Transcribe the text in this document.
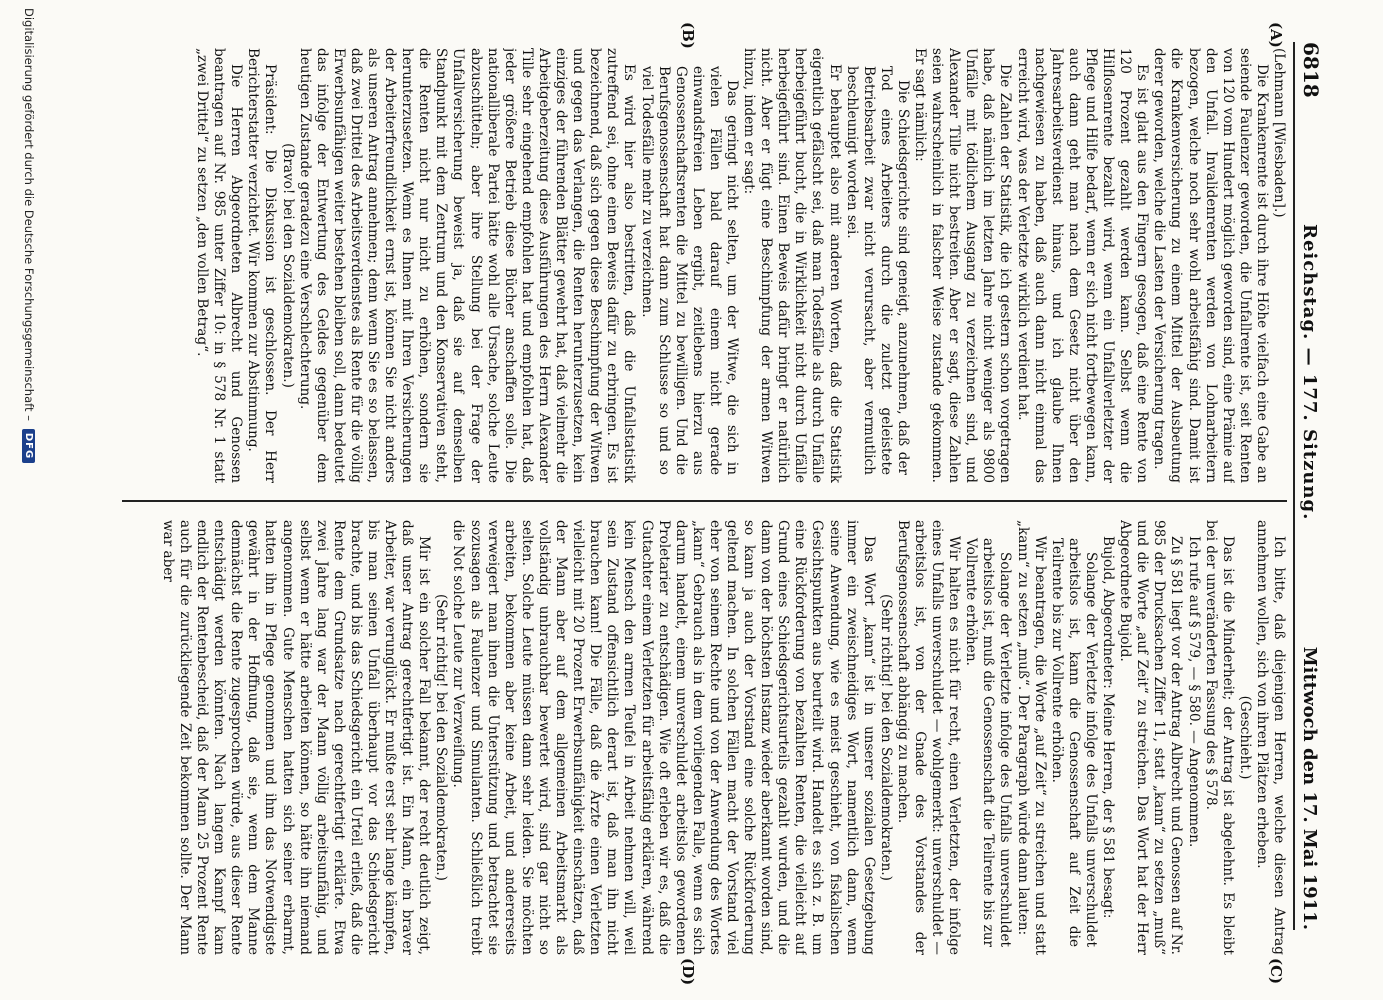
6818
Reichstag. — 177. Sitzung.
Mittwoch den 17. Mai 1911.
(A)
(B)
(C)
(D)

(Lehmann [Wiesbaden].)

Die Krankenrente ist durch ihre Höhe vielfach eine Gabe an seiende Faulenzer geworden, die Unfallrente ist, seit Renten von 120 vom Hundert möglich geworden sind, eine Prämie auf den Unfall. Invalidenrenten werden von Lohnarbeitern bezogen, welche noch sehr wohl arbeitsfähig sind. Damit ist die Krankenversicherung zu einem Mittel der Ausbeutung derer geworden, welche die Lasten der Versicherung tragen.

Es ist glatt aus den Fingern gesogen, daß eine Rente von 120 Prozent gezahlt werden kann. Selbst wenn die Hilflosenrente bezahlt wird, wenn ein Unfallverletzter der Pflege und Hilfe bedarf, wenn er sich nicht fortbewegen kann, auch dann geht man nach dem Gesetz nicht über den Jahresarbeitsverdienst hinaus, und ich glaube Ihnen nachgewiesen zu haben, daß auch dann nicht einmal das erreicht wird, was der Verletzte wirklich verdient hat.

Die Zahlen der Statistik, die ich gestern schon vorgetragen habe, daß nämlich im letzten Jahre nicht weniger als 9800 Unfälle mit tödlichem Ausgang zu verzeichnen sind, und Alexander Tille nicht bestreiten. Aber er sagt, diese Zahlen seien wahrscheinlich in falscher Weise zustande gekommen. Er sagt nämlich:

Die Schiedsgerichte sind geneigt, anzunehmen, daß der Tod eines Arbeiters durch die zuletzt geleistete Betriebsarbeit zwar nicht verursacht, aber vermutlich beschleunigt worden sei.

Er behauptet also mit anderen Worten, daß die Statistik eigentlich gefälscht sei, daß man Todesfälle als durch Unfälle herbeigeführt bucht, die in Wirklichkeit nicht durch Unfälle herbeigeführt sind. Einen Beweis dafür bringt er natürlich nicht. Aber er fügt eine Beschimpfung der armen Witwen hinzu, indem er sagt:

Das geringt nicht selten, um der Witwe, die sich in vielen Fällen bald darauf einem nicht gerade einwandsfreien Leben ergibt, zeitlebens hierzu aus Genossenschaftsrenten die Mittel zu bewilligen. Und die Berufsgenossenschaft hat dann zum Schlusse so und so viel Todesfälle mehr zu verzeichnen.

Es wird hier also bestritten, daß die Unfallstatistik zutreffend sei, ohne einen Beweis dafür zu erbringen. Es ist bezeichnend, daß sich gegen diese Beschimpfung der Witwen und gegen das Verlangen, die Renten herunterzusetzen, kein einziges der führenden Blätter gewehrt hat, daß vielmehr die Arbeitgeberzeitung diese Ausführungen des Herrn Alexander Tille sehr eingehend empfohlen hat und empfohlen hat, daß jeder größere Betrieb diese Bücher anschaffen solle. Die nationalliberale Partei hätte wohl alle Ursache, solche Leute abzuschütteln; aber ihre Stellung bei der Frage der Unfallversicherung beweist ja, daß sie auf demselben Standpunkt mit dem Zentrum und den Konservativen steht, die Renten nicht nur nicht zu erhöhen, sondern sie herunterzusetzen. Wenn es Ihnen mit Ihren Versicherungen der Arbeiterfreundlichkeit ernst ist, können Sie nicht anders als unseren Antrag annehmen; denn wenn Sie es so belassen, daß zwei Drittel des Arbeitsverdienstes als Rente für die völlig Erwerbsunfähigen weiter bestehen bleiben soll, dann bedeutet das infolge der Entwertung des Geldes gegenüber dem heutigen Zustande geradezu eine Verschlechterung.

(Bravo! bei den Sozialdemokraten.)

Präsident: Die Diskussion ist geschlossen. Der Herr Berichterstatter verzichtet. Wir kommen zur Abstimmung.

Die Herren Abgeordneten Albrecht und Genossen beantragen auf Nr. 985 unter Ziffer 10: in § 578 Nr. 1 statt „zwei Drittel“ zu setzen „den vollen Betrag“.

Ich bitte, daß diejenigen Herren, welche diesen Antrag annehmen wollen, sich von ihren Plätzen erheben.

(Geschieht.)

Das ist die Minderheit; der Antrag ist abgelehnt. Es bleibt bei der unveränderten Fassung des § 578.

Ich rufe auf § 579, — § 580. — Angenommen.

Zu § 581 liegt vor der Antrag Albrecht und Genossen auf Nr. 985 der Drucksachen Ziffer 11, statt „kann“ zu setzen „muß“ und die Worte „auf Zeit“ zu streichen. Das Wort hat der Herr Abgeordnete Bujold.

Bujold, Abgeordneter: Meine Herren, der § 581 besagt:

Solange der Verletzte infolge des Unfalls unverschuldet arbeitslos ist, kann die Genossenschaft auf Zeit die Teilrente bis zur Vollrente erhöhen.

Wir beantragen, die Worte „auf Zeit“ zu streichen und statt „kann“ zu setzen „muß“. Der Paragraph würde dann lauten:

Solange der Verletzte infolge des Unfalls unverschuldet arbeitslos ist, muß die Genossenschaft die Teilrente bis zur Vollrente erhöhen.

Wir halten es nicht für recht, einen Verletzten, der infolge eines Unfalls unverschuldet — wohlgemerkt: unverschuldet — arbeitslos ist, von der Gnade des Vorstandes der Berufsgenossenschaft abhängig zu machen.

(Sehr richtig! bei den Sozialdemokraten.)

Das Wort „kann“ ist in unserer sozialen Gesetzgebung immer ein zweischneidiges Wort, namentlich dann, wenn seine Anwendung, wie es meist geschieht, von fiskalischen Gesichtspunkten aus beurteilt wird. Handelt es sich z. B. um eine Rückforderung von bezahlten Renten, die vielleicht auf Grund eines Schiedsgerichtsurteils gezahlt wurden, und die dann von der höchsten Instanz wieder aberkannt worden sind, so kann ja auch der Vorstand eine solche Rückforderung geltend machen. In solchen Fällen macht der Vorstand viel eher von seinem Rechte und von der Anwendung des Wortes „kann“ Gebrauch als in dem vorliegenden Falle, wenn es sich darum handelt, einem unverschuldet arbeitslos gewordenen Proletarier zu entschädigen. Wie oft erleben wir es, daß die Gutachter einem Verletzten für arbeitsfähig erklären, während kein Mensch den armen Teufel in Arbeit nehmen will, weil sein Zustand offensichtlich derart ist, daß man ihn nicht brauchen kann! Die Fälle, daß die Ärzte einen Verletzten vielleicht mit 20 Prozent Erwerbsunfähigkeit einschätzen, daß der Mann aber auf dem allgemeinen Arbeitsmarkt als vollständig unbrauchbar bewertet wird, sind gar nicht so selten. Solche Leute müssen dann sehr leiden. Sie möchten arbeiten, bekommen aber keine Arbeit, und andererseits verweigert man ihnen die Unterstützung und betrachtet sie sozusagen als Faulenzer und Simulanten. Schließlich treibt die Not solche Leute zur Verzweiflung.

(Sehr richtig! bei den Sozialdemokraten.)

Mir ist ein solcher Fall bekannt, der recht deutlich zeigt, daß unser Antrag gerechtfertigt ist. Ein Mann, ein braver Arbeiter, war verunglückt. Er mußte erst sehr lange kämpfen, bis man seinen Unfall überhaupt vor das Schiedsgericht brachte, und bis das Schiedsgericht ein Urteil erließ, daß die Rente dem Grundsatze nach gerechtfertigt erklärte. Etwa zwei Jahre lang war der Mann völlig arbeitsunfähig, und selbst wenn er hätte arbeiten können, so hätte ihn niemand angenommen. Gute Menschen hatten sich seiner erbarmt, hatten ihn in Pflege genommen und ihm das Notwendigste gewährt in der Hoffnung, daß sie, wenn dem Manne demnächst die Rente zugesprochen würde, aus dieser Rente entschädigt werden könnten. Nach langem Kampf kam endlich der Rentenbescheid, daß der Mann 25 Prozent Rente auch für die zurückliegende Zeit bekommen sollte. Der Mann war aber

Digitalisierung gefördert durch die Deutsche Forschungsgemeinschaft –
DFG
